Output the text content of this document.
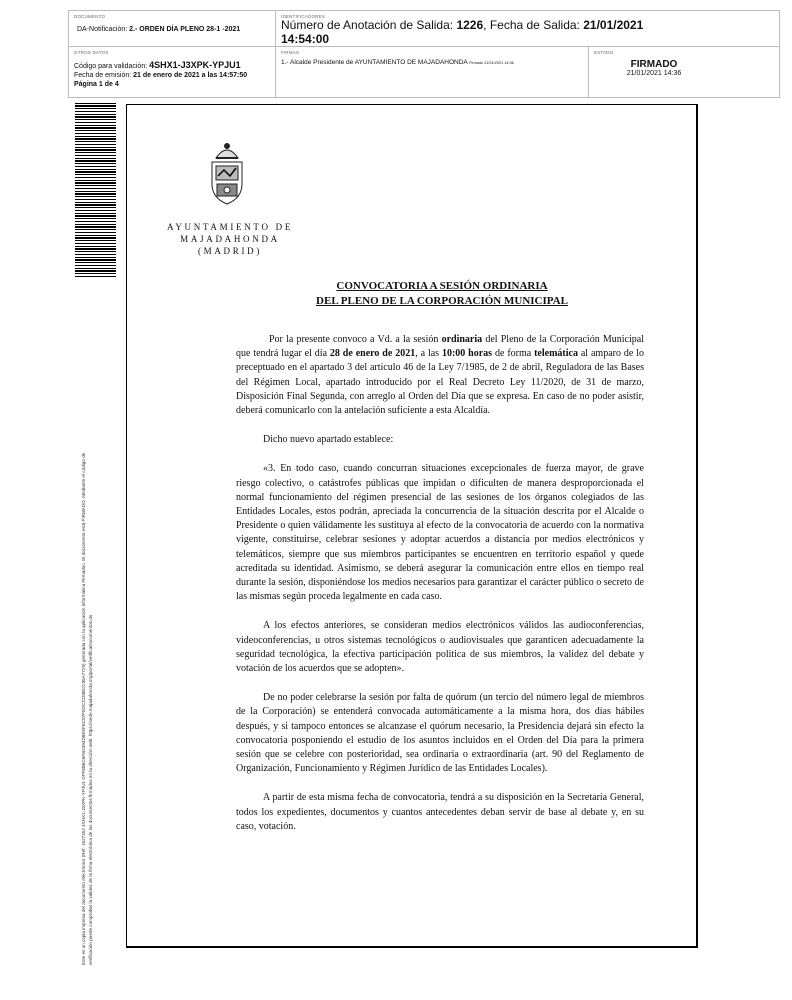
DOCUMENTO
DA-Notificación: 2.- ORDEN DÍA PLENO 28-1 -2021
IDENTIFICADORES
Número de Anotación de Salida: 1226, Fecha de Salida: 21/01/2021 14:54:00
OTROS DATOS
Código para validación: 4SHX1-J3XPK-YPJU1
Fecha de emisión: 21 de enero de 2021 a las 14:57:50
Página 1 de 4
FIRMAS
1.- Alcalde Presidente de AYUNTAMIENTO DE MAJADAHONDA Firmado 21/01/2021 14:36
ESTADO
FIRMADO
21/01/2021 14:36
Este es un copia impresa del documento electrónico (Ref: 1627452 4SHX1-J3XPK-YPJU1 DFF8B6C6FB2394D8E5FEC87FEDCCD8BCC95A7729) generada con la aplicación informática Firmadoc. El documento está FIRMADO. Mediante el código de verificación puede comprobar la validez de la firma electrónica de los documentos firmados en la dirección web: https://sede.majadahonda.org/portal/verificaDocumentos.do
AYUNTAMIENTO DE
MAJADAHONDA
(MADRID)
CONVOCATORIA A SESIÓN ORDINARIA
DEL PLENO DE LA CORPORACIÓN MUNICIPAL

Por la presente convoco a Vd. a la sesión ordinaria del Pleno de la Corporación Municipal que tendrá lugar el día 28 de enero de 2021, a las 10:00 horas de forma telemática al amparo de lo preceptuado en el apartado 3 del artículo 46 de la Ley 7/1985, de 2 de abril, Reguladora de las Bases del Régimen Local, apartado introducido por el Real Decreto Ley 11/2020, de 31 de marzo, Disposición Final Segunda, con arreglo al Orden del Día que se expresa. En caso de no poder asistir, deberá comunicarlo con la antelación suficiente a esta Alcaldía.

Dicho nuevo apartado establece:

«3. En todo caso, cuando concurran situaciones excepcionales de fuerza mayor, de grave riesgo colectivo, o catástrofes públicas que impidan o dificulten de manera desproporcionada el normal funcionamiento del régimen presencial de las sesiones de los órganos colegiados de las Entidades Locales, estos podrán, apreciada la concurrencia de la situación descrita por el Alcalde o Presidente o quien válidamente les sustituya al efecto de la convocatoria de acuerdo con la normativa vigente, constituirse, celebrar sesiones y adoptar acuerdos a distancia por medios electrónicos y telemáticos, siempre que sus miembros participantes se encuentren en territorio español y quede acreditada su identidad. Asimismo, se deberá asegurar la comunicación entre ellos en tiempo real durante la sesión, disponiéndose los medios necesarios para garantizar el carácter público o secreto de las mismas según proceda legalmente en cada caso.

A los efectos anteriores, se consideran medios electrónicos válidos las audioconferencias, videoconferencias, u otros sistemas tecnológicos o audiovisuales que garanticen adecuadamente la seguridad tecnológica, la efectiva participación política de sus miembros, la validez del debate y votación de los acuerdos que se adopten».

De no poder celebrarse la sesión por falta de quórum (un tercio del número legal de miembros de la Corporación) se entenderá convocada automáticamente a la misma hora, dos días hábiles después, y si tampoco entonces se alcanzase el quórum necesario, la Presidencia dejará sin efecto la convocatoria posponiendo el estudio de los asuntos incluidos en el Orden del Día para la primera sesión que se celebre con posterioridad, sea ordinaria o extraordinaria (art. 90 del Reglamento de Organización, Funcionamiento y Régimen Jurídico de las Entidades Locales).

A partir de esta misma fecha de convocatoria, tendrá a su disposición en la Secretaría General, todos los expedientes, documentos y cuantos antecedentes deban servir de base al debate y, en su caso, votación.
